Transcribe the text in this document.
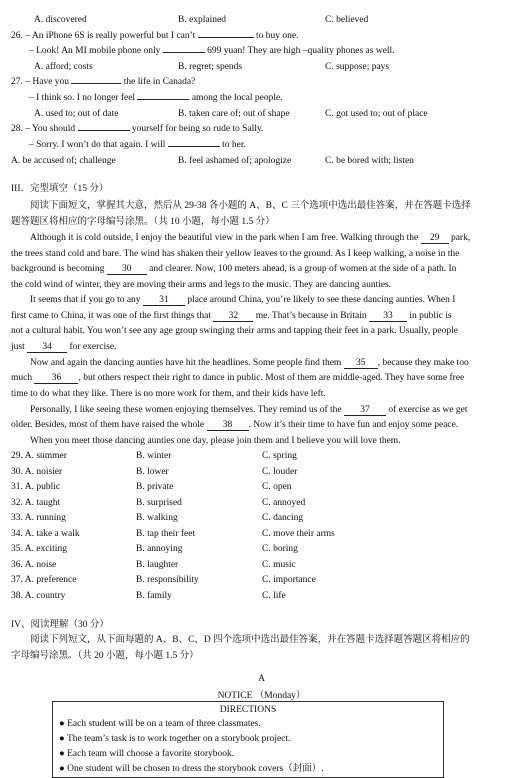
A. discovered	B. explained	C. believed
26. – An iPhone 6S is really powerful but I can’t	to buy one.
– Look! An MI mobile phone only	699 yuan! They are high –quality phones as well.
A. afford; costs	B. regret; spends	C. suppose; pays
27. – Have you	the life in Canada?
– I think so. I no longer feel	among the local people.
A. used to; out of date	B. taken care of; out of shape	C. got used to; out of place
28. – You should	yourself for being so rude to Sally.
– Sorry. I won’t do that again. I will	to her.
A. be accused of; challenge	B. feel ashamed of; apologize	C. be bored with; listen
III．完型填空（15 分）
阅读下面短文，掌握其大意，然后从 29-38 各小题的 A、B、C 三个选项中选出最佳答案，并在答题卡选择
题答题区将相应的字母编号涂黑。（共 10 小题，每小题 1.5 分）
Although it is cold outside, I enjoy the beautiful view in the park when I am free. Walking through the 29 park,
the trees stand cold and bare. The wind has shaken their yellow leaves to the ground. As I keep walking, a noise in the
background is becoming 30 and clearer. Now, 100 meters ahead, is a group of women at the side of a path. In
the cold wind of winter, they are moving their arms and legs to the music. They are dancing aunties.
It seems that if you go to any 31 place around China, you’re likely to see these dancing aunties. When I
first came to China, it was one of the first things that 32 me. That’s because in Britain 33 in public is
not a cultural habit. You won’t see any age group swinging their arms and tapping their feet in a park. Usually, people
just 34 for exercise.
Now and again the dancing aunties have hit the headlines. Some people find them 35 , because they make too
much 36 , but others respect their right to dance in public. Most of them are middle-aged. They have some free
time to do what they like. There is no more work for them, and their kids have left.
Personally, I like seeing these women enjoying themselves. They remind us of the 37 of exercise as we get
older. Besides, most of them have raised the whole 38 . Now it’s their time to have fun and enjoy some peace.
When you meet those dancing aunties one day, please join them and I believe you will love them.
29. A. summer	B. winter	C. spring
30. A. noisier	B. lower	C. louder
31. A. public	B. private	C. open
32. A. taught	B. surprised	C. annoyed
33. A. running	B. walking	C. dancing
34. A. take a walk	B. tap their feet	C. move their arms
35. A. exciting	B. annoying	C. boring
36. A. noise	B. laughter	C. music
37. A. preference	B. responsibility	C. importance
38. A. country	B. family	C. life
IV、阅读理解（30 分）
阅读下列短文，从下面每题的 A、B、C、D 四个选项中选出最佳答案，并在答题卡选择题答题区将相应的
字母编号涂黑。（共 20 小题，每小题 1.5 分）
A
NOTICE （Monday）
DIRECTIONS
● Each student will be on a team of three classmates.
● The team’s task is to work together on a storybook project.
● Each team will choose a favorite storybook.
● One student will be chosen to dress the storybook covers（封面）.
